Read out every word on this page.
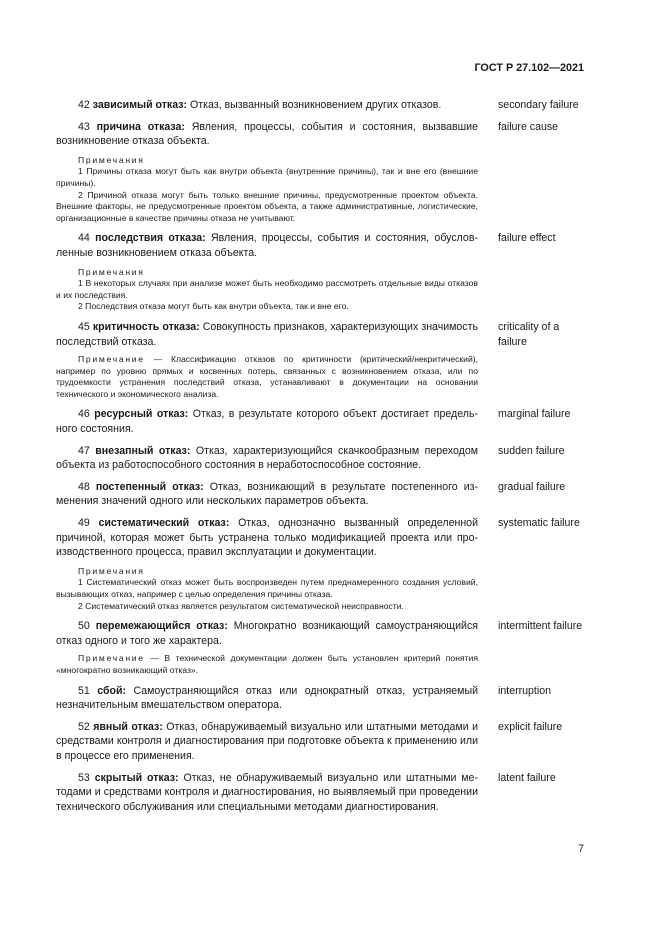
ГОСТ Р 27.102—2021

42 зависимый отказ: Отказ, вызванный возникновением других отказов.	secondary failure

43 причина отказа: Явления, процессы, события и состояния, вызвавшие возникновение отказа объекта.

Примечания

1 Причины отказа могут быть как внутри объекта (внутренние причины), так и вне его (внешние причины).

2 Причиной отказа могут быть только внешние причины, предусмотренные проектом объекта. Внешние факторы, не предусмотренные проектом объекта, а также административные, логистические, организационные в качестве причины отказа не учитывают.

failure cause

44 последствия отказа: Явления, процессы, события и состояния, обусловленные возникновением отказа объекта.

Примечания

1 В некоторых случаях при анализе может быть необходимо рассмотреть отдельные виды отказов и их последствия.

2 Последствия отказа могут быть как внутри объекта, так и вне его.

failure effect

45 критичность отказа: Совокупность признаков, характеризующих значимость последствий отказа.

Примечание — Классификацию отказов по критичности (критический/некритический), например по уровню прямых и косвенных потерь, связанных с возникновением отказа, или по трудоемкости устранения последствий отказа, устанавливают в документации на основании технического и экономического анализа.

criticality of a failure

46 ресурсный отказ: Отказ, в результате которого объект достигает предельного состояния.

marginal failure

47 внезапный отказ: Отказ, характеризующийся скачкообразным переходом объекта из работоспособного состояния в неработоспособное состояние.

sudden failure

48 постепенный отказ: Отказ, возникающий в результате постепенного изменения значений одного или нескольких параметров объекта.

gradual failure

49 систематический отказ: Отказ, однозначно вызванный определенной причиной, которая может быть устранена только модификацией проекта или производственного процесса, правил эксплуатации и документации.

Примечания

1 Систематический отказ может быть воспроизведен путем преднамеренного создания условий, вызывающих отказ, например с целью определения причины отказа.

2 Систематический отказ является результатом систематической неисправности.

systematic failure

50 перемежающийся отказ: Многократно возникающий самоустраняющийся отказ одного и того же характера.

Примечание — В технической документации должен быть установлен критерий понятия «многократно возникающий отказ».

intermittent failure

51 сбой: Самоустраняющийся отказ или однократный отказ, устраняемый незначительным вмешательством оператора.

interruption

52 явный отказ: Отказ, обнаруживаемый визуально или штатными методами и средствами контроля и диагностирования при подготовке объекта к применению или в процессе его применения.

explicit failure

53 скрытый отказ: Отказ, не обнаруживаемый визуально или штатными методами и средствами контроля и диагностирования, но выявляемый при проведении технического обслуживания или специальными методами диагностирования.

latent failure
7
